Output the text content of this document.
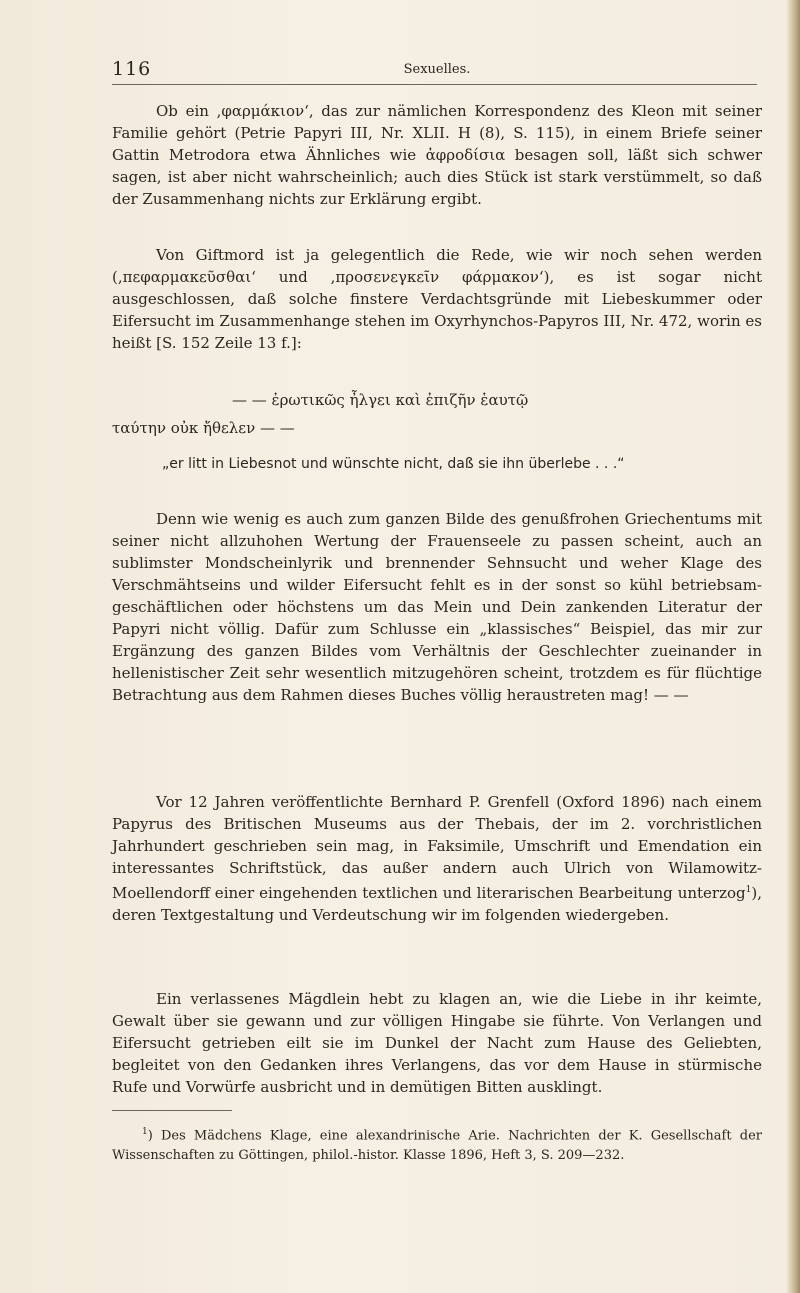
116	Sexuelles.
Ob ein ,φαρμάκιον‘, das zur nämlichen Korrespondenz des Kleon mit seiner Familie gehört (Petrie Papyri III, Nr. XLII. H (8), S. 115), in einem Briefe seiner Gattin Metrodora etwa Ähnliches wie ἀφροδίσια besagen soll, läßt sich schwer sagen, ist aber nicht wahrscheinlich; auch dies Stück ist stark verstümmelt, so daß der Zusammenhang nichts zur Erklärung ergibt.
Von Giftmord ist ja gelegentlich die Rede, wie wir noch sehen werden (,πεφαρμακεῦσθαι‘ und ,προσενεγκεῖν φάρμακον‘), es ist sogar nicht ausgeschlossen, daß solche finstere Verdachtsgründe mit Liebeskummer oder Eifersucht im Zusammenhange stehen im Oxyrhynchos-Papyros III, Nr. 472, worin es heißt [S. 152 Zeile 13 f.]:
— — ἐρωτικῶς ἦλγει καὶ ἐπιζῆν ἑαυτῷ
ταύτην οὐκ ἤθελεν — —
„er litt in Liebesnot und wünschte nicht, daß sie ihn überlebe . . .“
Denn wie wenig es auch zum ganzen Bilde des genußfrohen Griechentums mit seiner nicht allzuhohen Wertung der Frauenseele zu passen scheint, auch an sublimster Mondscheinlyrik und brennender Sehnsucht und weher Klage des Verschmähtseins und wilder Eifersucht fehlt es in der sonst so kühl betriebsam-geschäftlichen oder höchstens um das Mein und Dein zankenden Literatur der Papyri nicht völlig. Dafür zum Schlusse ein „klassisches“ Beispiel, das mir zur Ergänzung des ganzen Bildes vom Verhältnis der Geschlechter zueinander in hellenistischer Zeit sehr wesentlich mitzugehören scheint, trotzdem es für flüchtige Betrachtung aus dem Rahmen dieses Buches völlig heraustreten mag! — —
Vor 12 Jahren veröffentlichte Bernhard P. Grenfell (Oxford 1896) nach einem Papyrus des Britischen Museums aus der Thebais, der im 2. vorchristlichen Jahrhundert geschrieben sein mag, in Faksimile, Umschrift und Emendation ein interessantes Schriftstück, das außer andern auch Ulrich von Wilamowitz-Moellendorff einer eingehenden textlichen und literarischen Bearbeitung unterzog$^1$), deren Textgestaltung und Verdeutschung wir im folgenden wiedergeben.
Ein verlassenes Mägdlein hebt zu klagen an, wie die Liebe in ihr keimte, Gewalt über sie gewann und zur völligen Hingabe sie führte. Von Verlangen und Eifersucht getrieben eilt sie im Dunkel der Nacht zum Hause des Geliebten, begleitet von den Gedanken ihres Verlangens, das vor dem Hause in stürmische Rufe und Vorwürfe ausbricht und in demütigen Bitten ausklingt.
$^1$) Des Mädchens Klage, eine alexandrinische Arie. Nachrichten der K. Gesellschaft der Wissenschaften zu Göttingen, philol.-histor. Klasse 1896, Heft 3, S. 209—232.
